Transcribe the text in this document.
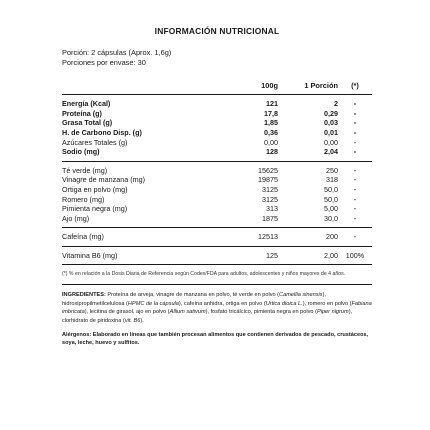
INFORMACIÓN NUTRICIONAL
Porción: 2 cápsulas (Aprox. 1,6g)
Porciones por envase: 30
100g	1 Porción	(*)
Energía (Kcal)	121	2	-
Proteína (g)	17,8	0,29	-
Grasa Total (g)	1,85	0,03	-
H. de Carbono Disp. (g)	0,36	0,01	-
Azúcares Totales (g)	0,00	0,00	-
Sodio (mg)	128	2,04	-
Té verde (mg)	15625	250	-
Vinagre de manzana (mg)	19875	318	-
Ortiga en polvo (mg)	3125	50,0	-
Romero (mg)	3125	50,0	-
Pimienta negra (mg)	313	5,00	-
Ajo (mg)	1875	30,0	-
Cafeína (mg)	12513	200	-
Vitamina B6 (mg)	125	2,00	100%
(*) % en relación a la Dosis Diaria de Referencia según Codex/FDA para adultos, adolescentes y niños mayores de 4 años.
INGREDIENTES: Proteína de arveja, vinagre de manzana en polvo, té verde en polvo (Camellia sinensis), hidroxipropilmetilcelulosa (HPMC de la cápsula), cafeína anhidra, ortiga en polvo (Urtica dioica L.), romero en polvo (Fabiana imbricata), lecitina de girasol, ajo en polvo (Allium sativum), fosfato tricálcico, pimienta negra en polvo (Piper nigrum), clorhidrato de piridoxina (vit. B6).
Alérgenos: Elaborado en líneas que también procesan alimentos que contienen derivados de pescado, crustáceos, soya, leche, huevo y sulfitos.
